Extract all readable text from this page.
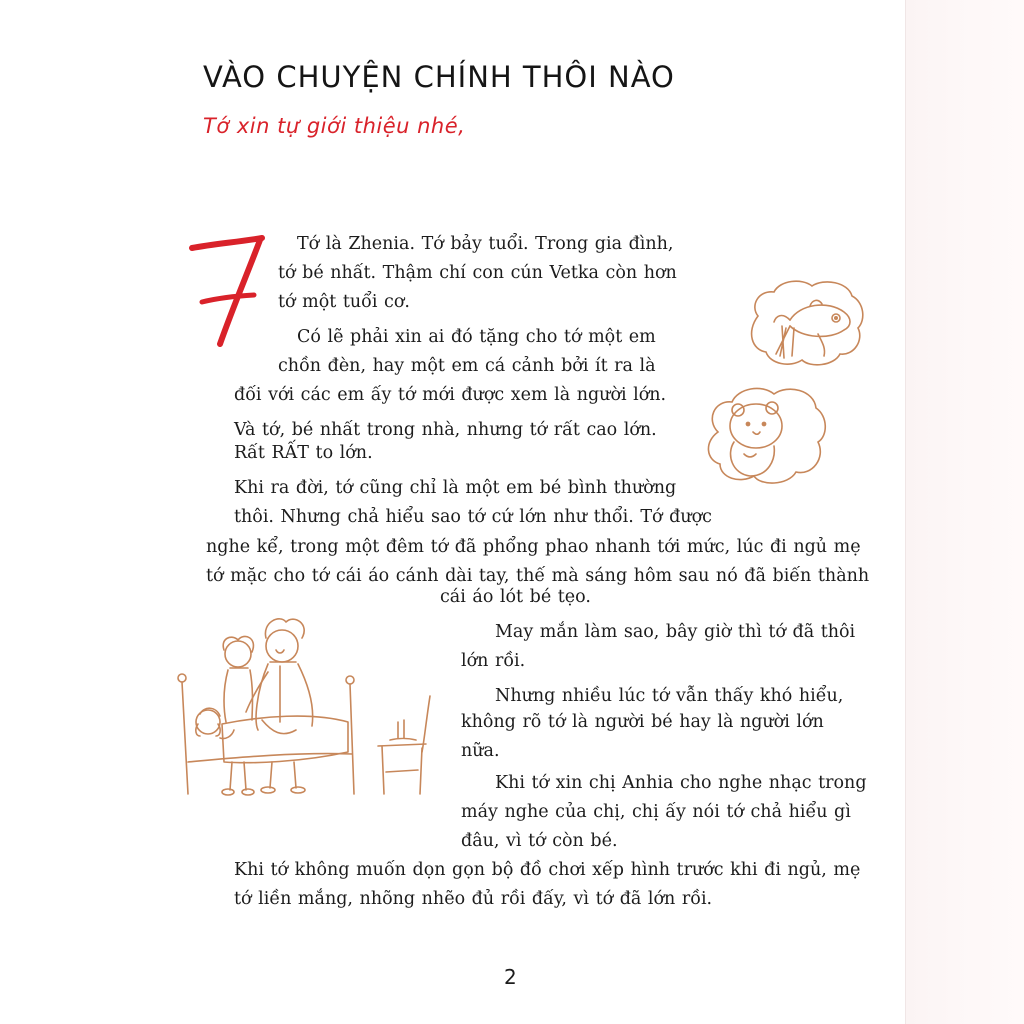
VÀO CHUYỆN CHÍNH THÔI NÀO
Tớ xin tự giới thiệu nhé,
Tớ là Zhenia. Tớ bảy tuổi. Trong gia đình,
tớ bé nhất. Thậm chí con cún Vetka còn hơn
tớ một tuổi cơ.
Có lẽ phải xin ai đó tặng cho tớ một em
chồn đèn, hay một em cá cảnh bởi ít ra là
đối với các em ấy tớ mới được xem là người lớn.
Và tớ, bé nhất trong nhà, nhưng tớ rất cao lớn.
Rất RẤT to lớn.
Khi ra đời, tớ cũng chỉ là một em bé bình thường
thôi. Nhưng chả hiểu sao tớ cứ lớn như thổi. Tớ được
nghe kể, trong một đêm tớ đã phổng phao nhanh tới mức, lúc đi ngủ mẹ
tớ mặc cho tớ cái áo cánh dài tay, thế mà sáng hôm sau nó đã biến thành
cái áo lót bé tẹo.
May mắn làm sao, bây giờ thì tớ đã thôi
lớn rồi.
Nhưng nhiều lúc tớ vẫn thấy khó hiểu,
không rõ tớ là người bé hay là người lớn
nữa.
Khi tớ xin chị Anhia cho nghe nhạc trong
máy nghe của chị, chị ấy nói tớ chả hiểu gì
đâu, vì tớ còn bé.
Khi tớ không muốn dọn gọn bộ đồ chơi xếp hình trước khi đi ngủ, mẹ
tớ liền mắng, nhõng nhẽo đủ rồi đấy, vì tớ đã lớn rồi.
2
